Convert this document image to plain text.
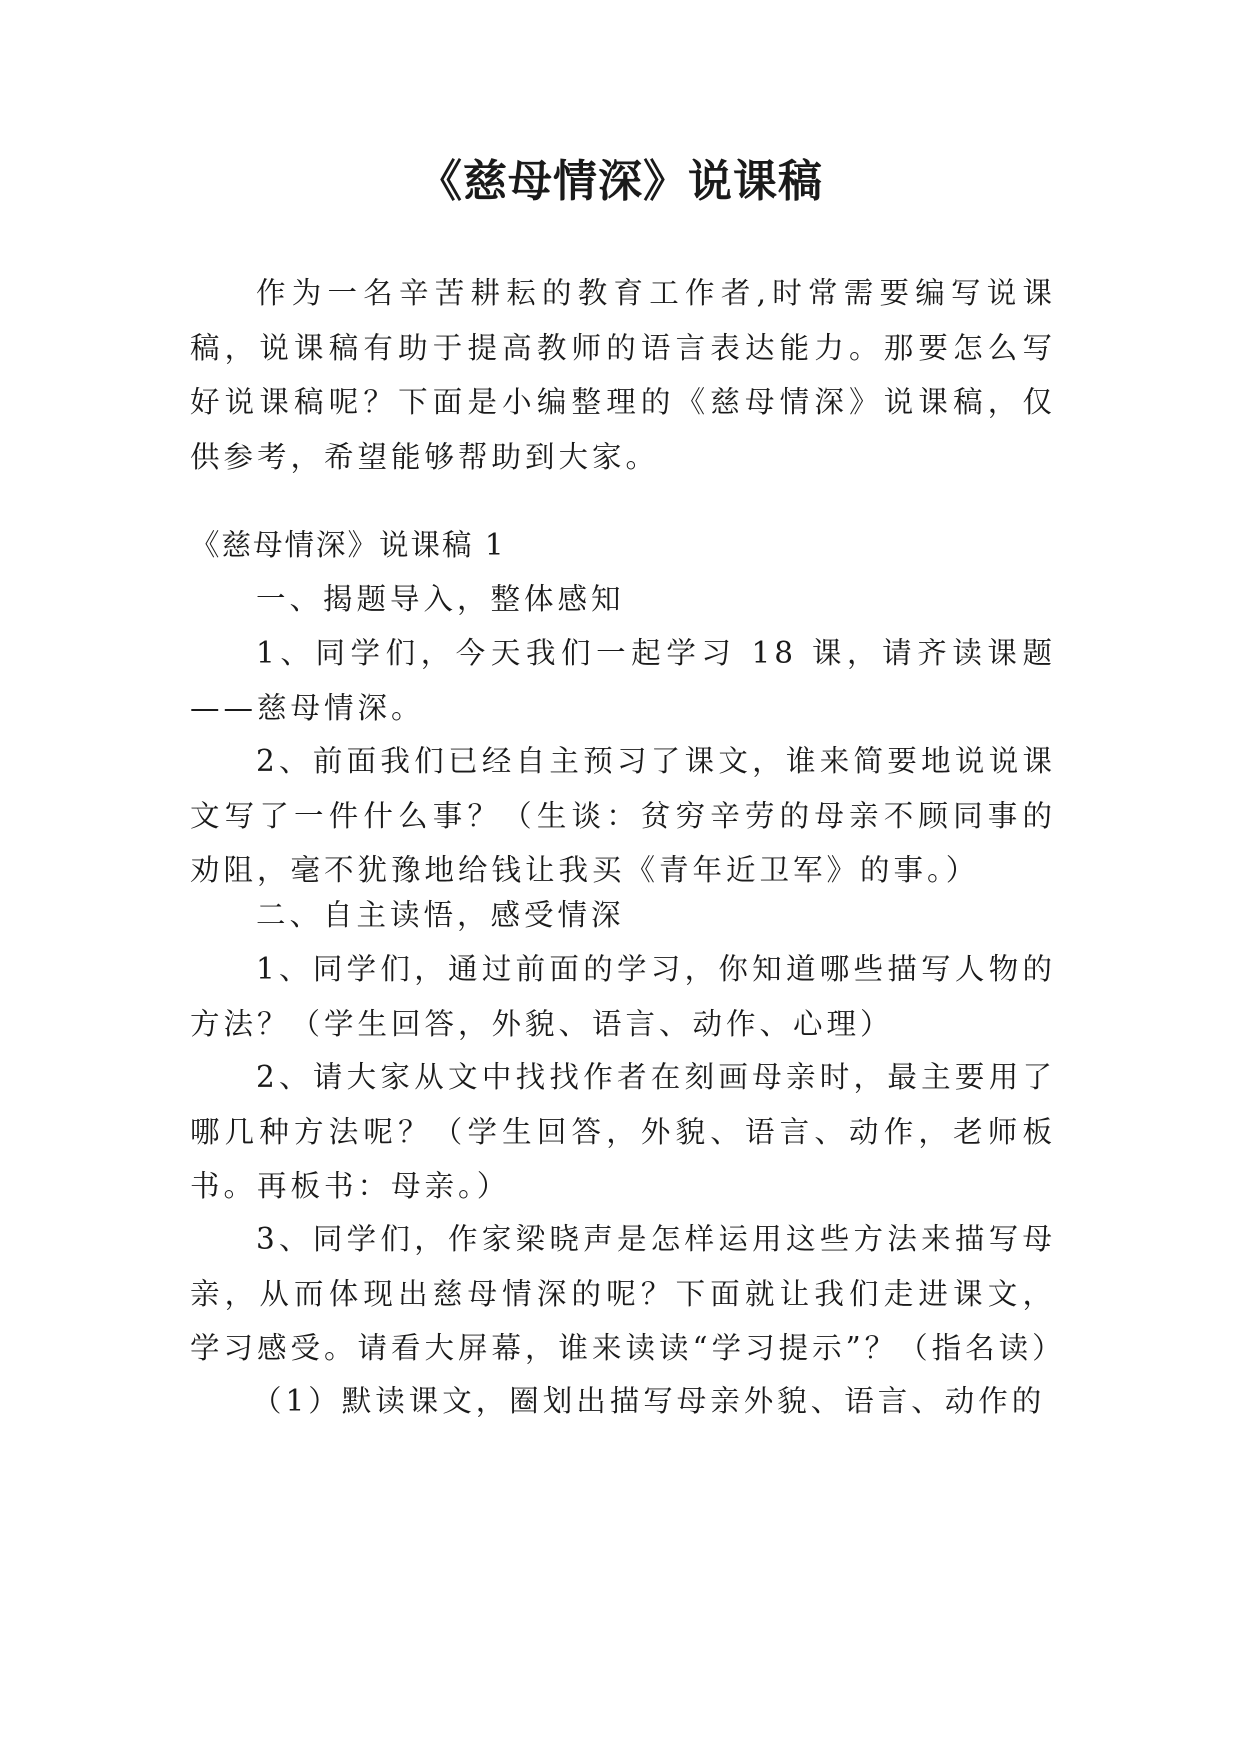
《慈母情深》说课稿

作为一名辛苦耕耘的教育工作者,时常需要编写说课稿，说课稿有助于提高教师的语言表达能力。那要怎么写好说课稿呢？下面是小编整理的《慈母情深》说课稿，仅供参考，希望能够帮助到大家。

《慈母情深》说课稿 1

一、揭题导入，整体感知

1、同学们，今天我们一起学习 18 课，请齐读课题——慈母情深。

2、前面我们已经自主预习了课文，谁来简要地说说课文写了一件什么事？（生谈：贫穷辛劳的母亲不顾同事的劝阻，毫不犹豫地给钱让我买《青年近卫军》的事。）

二、自主读悟，感受情深

1、同学们，通过前面的学习，你知道哪些描写人物的方法？（学生回答，外貌、语言、动作、心理）

2、请大家从文中找找作者在刻画母亲时，最主要用了哪几种方法呢？（学生回答，外貌、语言、动作，老师板书。再板书：母亲。）

3、同学们，作家梁晓声是怎样运用这些方法来描写母亲，从而体现出慈母情深的呢？下面就让我们走进课文，学习感受。请看大屏幕，谁来读读“学习提示”？（指名读）

（1）默读课文，圈划出描写母亲外貌、语言、动作的
